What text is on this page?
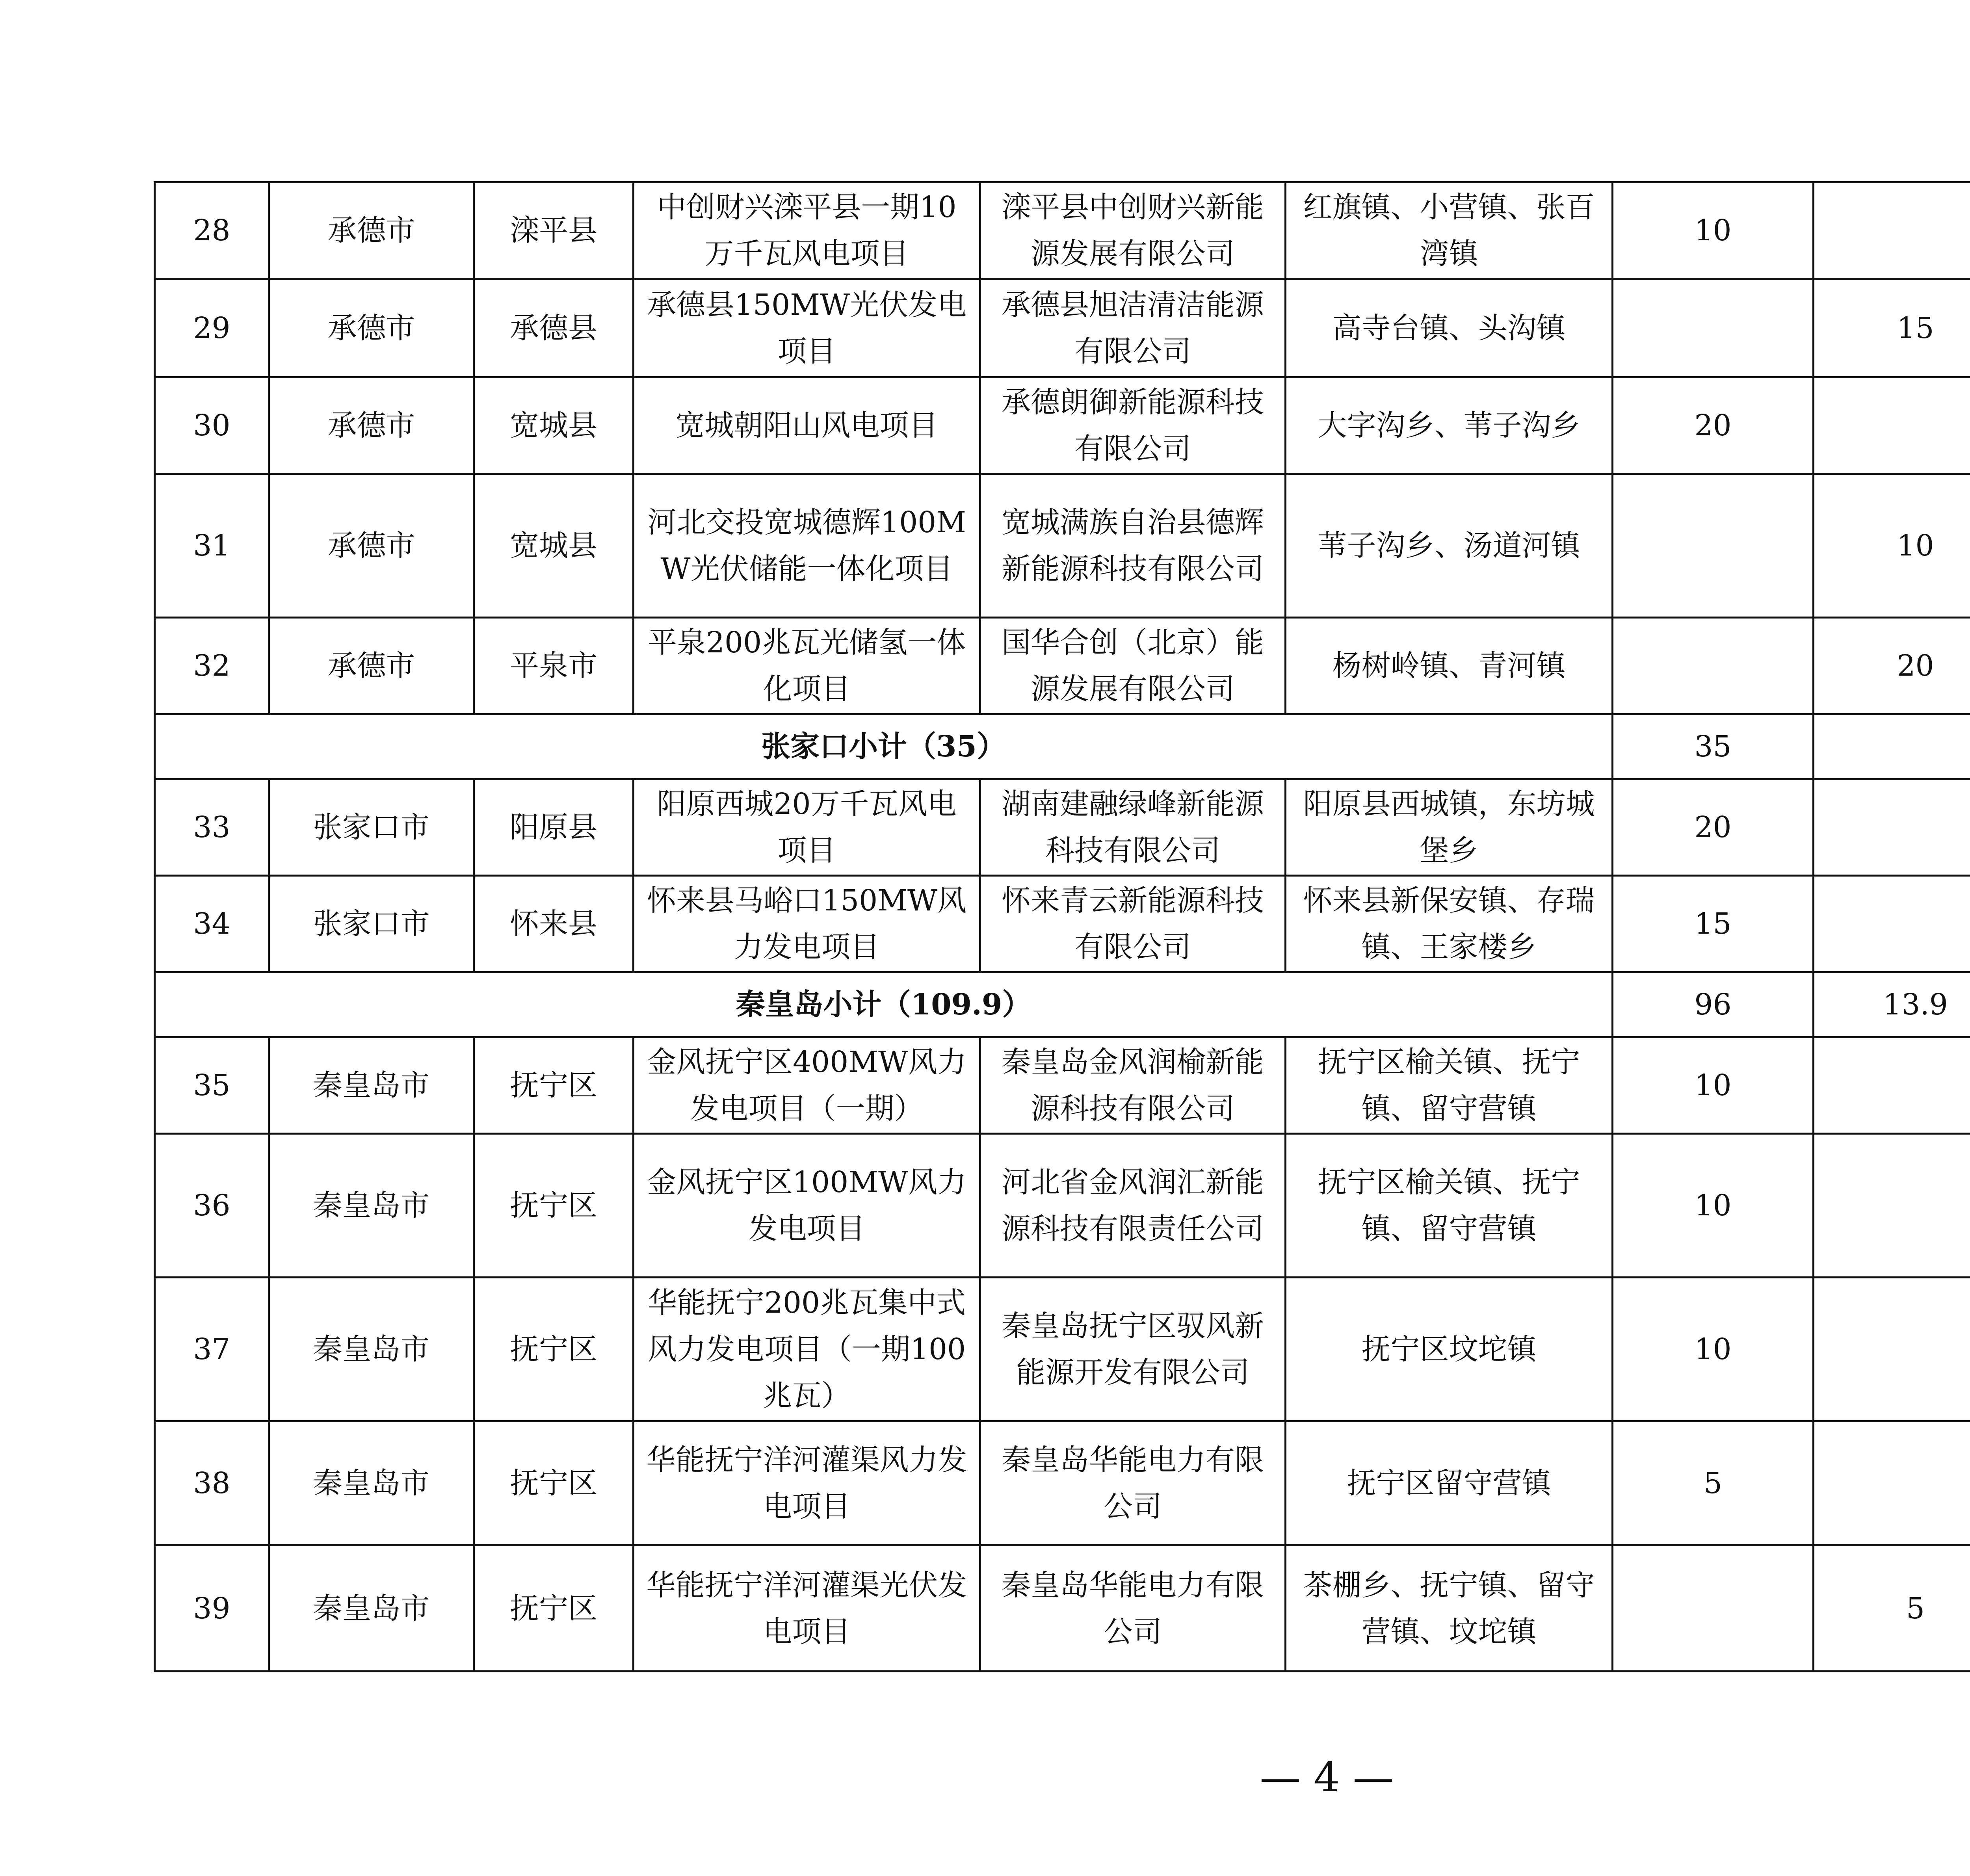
28	承德市	滦平县	中创财兴滦平县一期10万千瓦风电项目	滦平县中创财兴新能源发展有限公司	红旗镇、小营镇、张百湾镇	10			
29	承德市	承德县	承德县150MW光伏发电项目	承德县旭洁清洁能源有限公司	高寺台镇、头沟镇		15		
30	承德市	宽城县	宽城朝阳山风电项目	承德朗御新能源科技有限公司	大字沟乡、苇子沟乡	20			
31	承德市	宽城县	河北交投宽城德辉100MW光伏储能一体化项目	宽城满族自治县德辉新能源科技有限公司	苇子沟乡、汤道河镇		10		
32	承德市	平泉市	平泉200兆瓦光储氢一体化项目	国华合创（北京）能源发展有限公司	杨树岭镇、青河镇		20		
张家口小计（35）						35			
33	张家口市	阳原县	阳原西城20万千瓦风电项目	湖南建融绿峰新能源科技有限公司	阳原县西城镇，东坊城堡乡	20			
34	张家口市	怀来县	怀来县马峪口150MW风力发电项目	怀来青云新能源科技有限公司	怀来县新保安镇、存瑞镇、王家楼乡	15			
秦皇岛小计（109.9）						96	13.9		
35	秦皇岛市	抚宁区	金风抚宁区400MW风力发电项目（一期）	秦皇岛金风润榆新能源科技有限公司	抚宁区榆关镇、抚宁镇、留守营镇	10			
36	秦皇岛市	抚宁区	金风抚宁区100MW风力发电项目	河北省金风润汇新能源科技有限责任公司	抚宁区榆关镇、抚宁镇、留守营镇	10			
37	秦皇岛市	抚宁区	华能抚宁200兆瓦集中式风力发电项目（一期100兆瓦）	秦皇岛抚宁区驭风新能源开发有限公司	抚宁区坟坨镇	10			
38	秦皇岛市	抚宁区	华能抚宁洋河灌渠风力发电项目	秦皇岛华能电力有限公司	抚宁区留守营镇	5			
39	秦皇岛市	抚宁区	华能抚宁洋河灌渠光伏发电项目	秦皇岛华能电力有限公司	茶棚乡、抚宁镇、留守营镇、坟坨镇		5		
— 4 —
